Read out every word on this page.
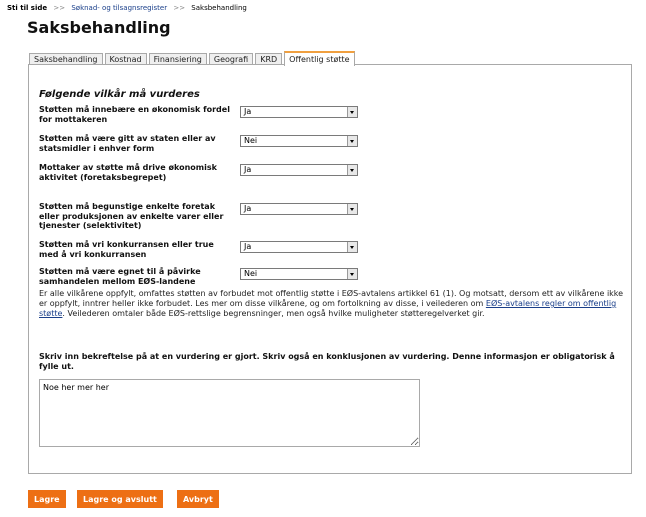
Sti til side >> Søknad- og tilsagnsregister >> Saksbehandling
Saksbehandling
Saksbehandling	Kostnad	Finansiering	Geografi	KRD	Offentlig støtte
Følgende vilkår må vurderes
Støtten må innebære en økonomisk fordel for mottakeren
Ja
Støtten må være gitt av staten eller av statsmidler i enhver form
Nei
Mottaker av støtte må drive økonomisk aktivitet (foretaksbegrepet)
Ja
Støtten må begunstige enkelte foretak eller produksjonen av enkelte varer eller tjenester (selektivitet)
Ja
Støtten må vri konkurransen eller true med å vri konkurransen
Ja
Støtten må være egnet til å påvirke samhandelen mellom EØS-landene
Nei

Er alle vilkårene oppfylt, omfattes støtten av forbudet mot offentlig støtte i EØS-avtalens artikkel 61 (1). Og motsatt, dersom ett av vilkårene ikke er oppfylt, inntrer heller ikke forbudet. Les mer om disse vilkårene, og om fortolkning av disse, i veilederen om EØS-avtalens regler om offentlig støtte. Veilederen omtaler både EØS-rettslige begrensninger, men også hvilke muligheter støtteregelverket gir.

Skriv inn bekreftelse på at en vurdering er gjort. Skriv også en konklusjonen av vurdering. Denne informasjon er obligatorisk å fylle ut.

Noe her mer her
Lagre	Lagre og avslutt	Avbryt
